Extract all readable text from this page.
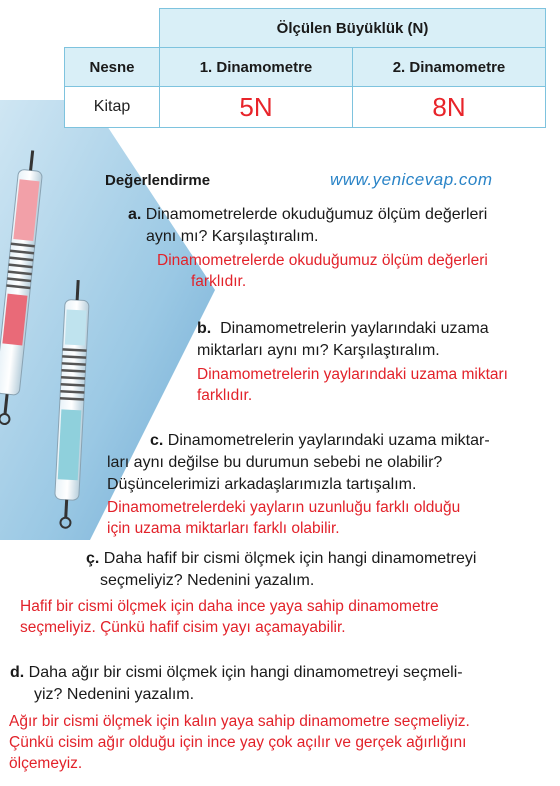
	Ölçülen Büyüklük (N)	
Nesne	1. Dinamometre	2. Dinamometre
Kitap	5N	8N
Değerlendirme	www.yenicevap.com
a. Dinamometrelerde okuduğumuz ölçüm değerleri
aynı mı? Karşılaştıralım.
Dinamometrelerde okuduğumuz ölçüm değerleri
farklıdır.
b. Dinamometrelerin yaylarındaki uzama
miktarları aynı mı? Karşılaştıralım.
Dinamometrelerin yaylarındaki uzama miktarı
farklıdır.
c. Dinamometrelerin yaylarındaki uzama miktar-
ları aynı değilse bu durumun sebebi ne olabilir?
Düşüncelerimizi arkadaşlarımızla tartışalım.
Dinamometrelerdeki yayların uzunluğu farklı olduğu
için uzama miktarları farklı olabilir.
ç. Daha hafif bir cismi ölçmek için hangi dinamometreyi
seçmeliyiz? Nedenini yazalım.
Hafif bir cismi ölçmek için daha ince yaya sahip dinamometre
seçmeliyiz. Çünkü hafif cisim yayı açamayabilir.
d. Daha ağır bir cismi ölçmek için hangi dinamometreyi seçmeli-
yiz? Nedenini yazalım.
Ağır bir cismi ölçmek için kalın yaya sahip dinamometre seçmeliyiz.
Çünkü cisim ağır olduğu için ince yay çok açılır ve gerçek ağırlığını
ölçemeyiz.
